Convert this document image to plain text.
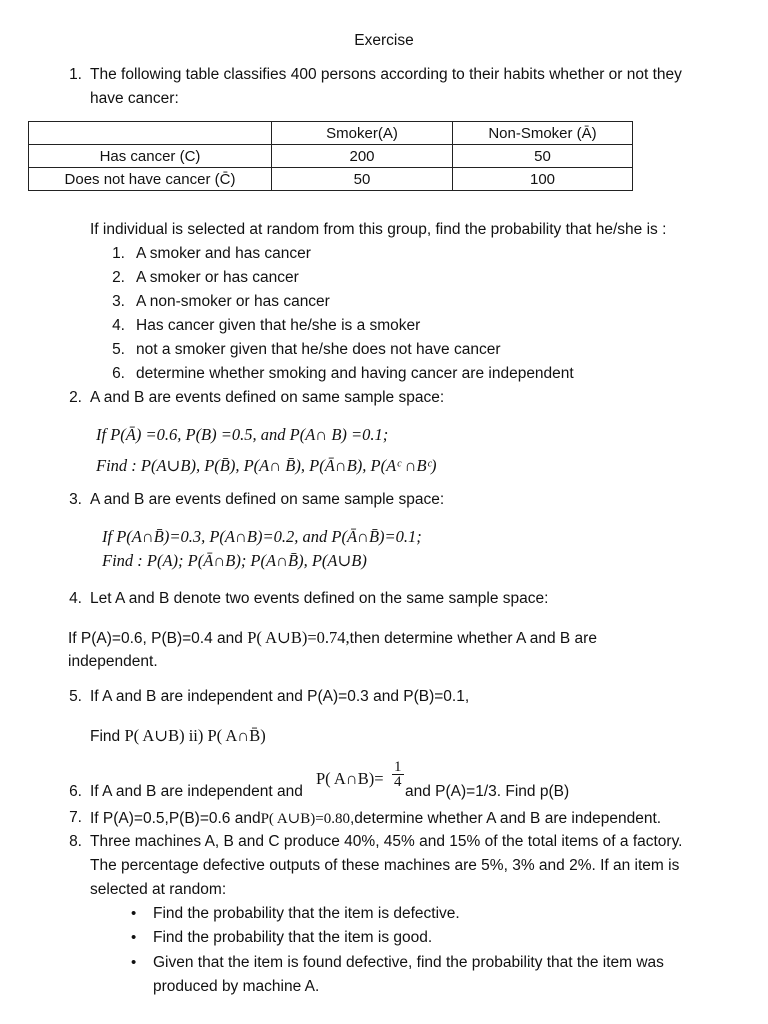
Exercise
1. The following table classifies 400 persons according to their habits whether or not they
have cancer:
	Smoker(A)	Non-Smoker (Ā)
Has cancer (C)	200	50
Does not have cancer (C̄)	50	100
If individual is selected at random from this group, find the probability that he/she is :
1. A smoker and has cancer
2. A smoker or has cancer
3. A non-smoker or has cancer
4. Has cancer given that he/she is a smoker
5. not a smoker given that he/she does not have cancer
6. determine whether smoking and having cancer are independent
2. A and B are events defined on same sample space:
If P(Ā) =0.6, P(B) =0.5, and P(A∩ B) =0.1;
Find : P(A∪B), P(B̄), P(A∩ B̄), P(Ā∩B), P(Aᶜ ∩Bᶜ)
3. A and B are events defined on same sample space:
If P(A∩B̄)=0.3, P(A∩B)=0.2, and P(Ā∩B̄)=0.1;
Find : P(A); P(Ā∩B); P(A∩B̄), P(A∪B)
4. Let A and B denote two events defined on the same sample space:
If P(A)=0.6, P(B)=0.4 and P( A∪B)=0.74,then determine whether A and B are
independent.
5. If A and B are independent and P(A)=0.3 and P(B)=0.1,
Find P( A∪B) ii) P( A∩B̄)
6. If A and B are independent and
P( A∩B)= $\frac{1}{4}$
and P(A)=1/3. Find p(B)
7. If P(A)=0.5,P(B)=0.6 andP( A∪B)=0.80,determine whether A and B are independent.
8. Three machines A, B and C produce 40%, 45% and 15% of the total items of a factory.
The percentage defective outputs of these machines are 5%, 3% and 2%. If an item is
selected at random:
•	Find the probability that the item is defective.
•	Find the probability that the item is good.
•	Given that the item is found defective, find the probability that the item was
produced by machine A.
